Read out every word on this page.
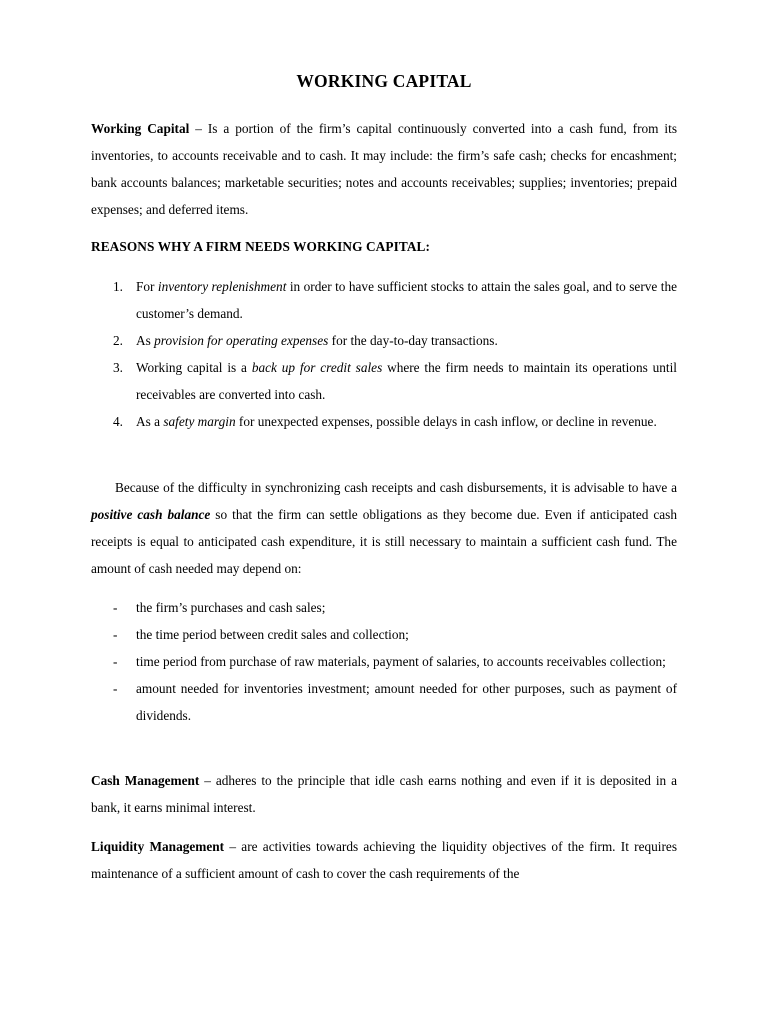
WORKING CAPITAL

Working Capital – Is a portion of the firm’s capital continuously converted into a cash fund, from its inventories, to accounts receivable and to cash. It may include: the firm’s safe cash; checks for encashment; bank accounts balances; marketable securities; notes and accounts receivables; supplies; inventories; prepaid expenses; and deferred items.

REASONS WHY A FIRM NEEDS WORKING CAPITAL:

1. For inventory replenishment in order to have sufficient stocks to attain the sales goal, and to serve the customer’s demand.
2. As provision for operating expenses for the day-to-day transactions.
3. Working capital is a back up for credit sales where the firm needs to maintain its operations until receivables are converted into cash.
4. As a safety margin for unexpected expenses, possible delays in cash inflow, or decline in revenue.

Because of the difficulty in synchronizing cash receipts and cash disbursements, it is advisable to have a positive cash balance so that the firm can settle obligations as they become due. Even if anticipated cash receipts is equal to anticipated cash expenditure, it is still necessary to maintain a sufficient cash fund. The amount of cash needed may depend on:

- the firm’s purchases and cash sales;
- the time period between credit sales and collection;
- time period from purchase of raw materials, payment of salaries, to accounts receivables collection;
- amount needed for inventories investment; amount needed for other purposes, such as payment of dividends.

Cash Management – adheres to the principle that idle cash earns nothing and even if it is deposited in a bank, it earns minimal interest.

Liquidity Management – are activities towards achieving the liquidity objectives of the firm. It requires maintenance of a sufficient amount of cash to cover the cash requirements of the
